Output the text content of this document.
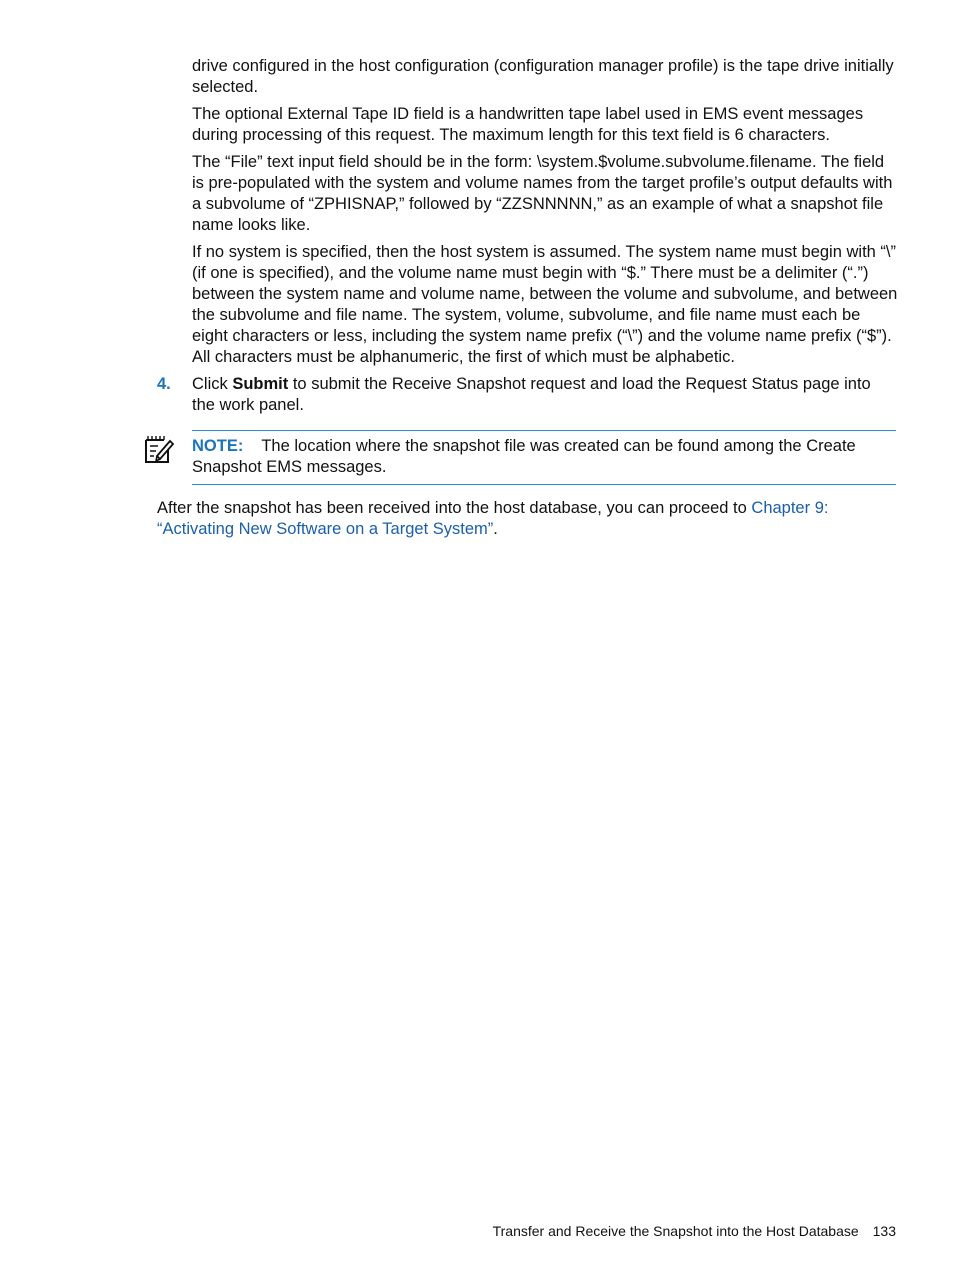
drive configured in the host configuration (configuration manager profile) is the tape drive initially selected.

The optional External Tape ID field is a handwritten tape label used in EMS event messages during processing of this request. The maximum length for this text field is 6 characters.

The “File” text input field should be in the form: \system.$volume.subvolume.filename. The field is pre-populated with the system and volume names from the target profile’s output defaults with a subvolume of “ZPHISNAP,” followed by “ZZSNNNNN,” as an example of what a snapshot file name looks like.

If no system is specified, then the host system is assumed. The system name must begin with “\” (if one is specified), and the volume name must begin with “$.” There must be a delimiter (“.”) between the system name and volume name, between the volume and subvolume, and between the subvolume and file name. The system, volume, subvolume, and file name must each be eight characters or less, including the system name prefix (“\”) and the volume name prefix (“$”). All characters must be alphanumeric, the first of which must be alphabetic.

4. Click Submit to submit the Receive Snapshot request and load the Request Status page into the work panel.

NOTE: The location where the snapshot file was created can be found among the Create Snapshot EMS messages.

After the snapshot has been received into the host database, you can proceed to Chapter 9: “Activating New Software on a Target System”.

Transfer and Receive the Snapshot into the Host Database 133
